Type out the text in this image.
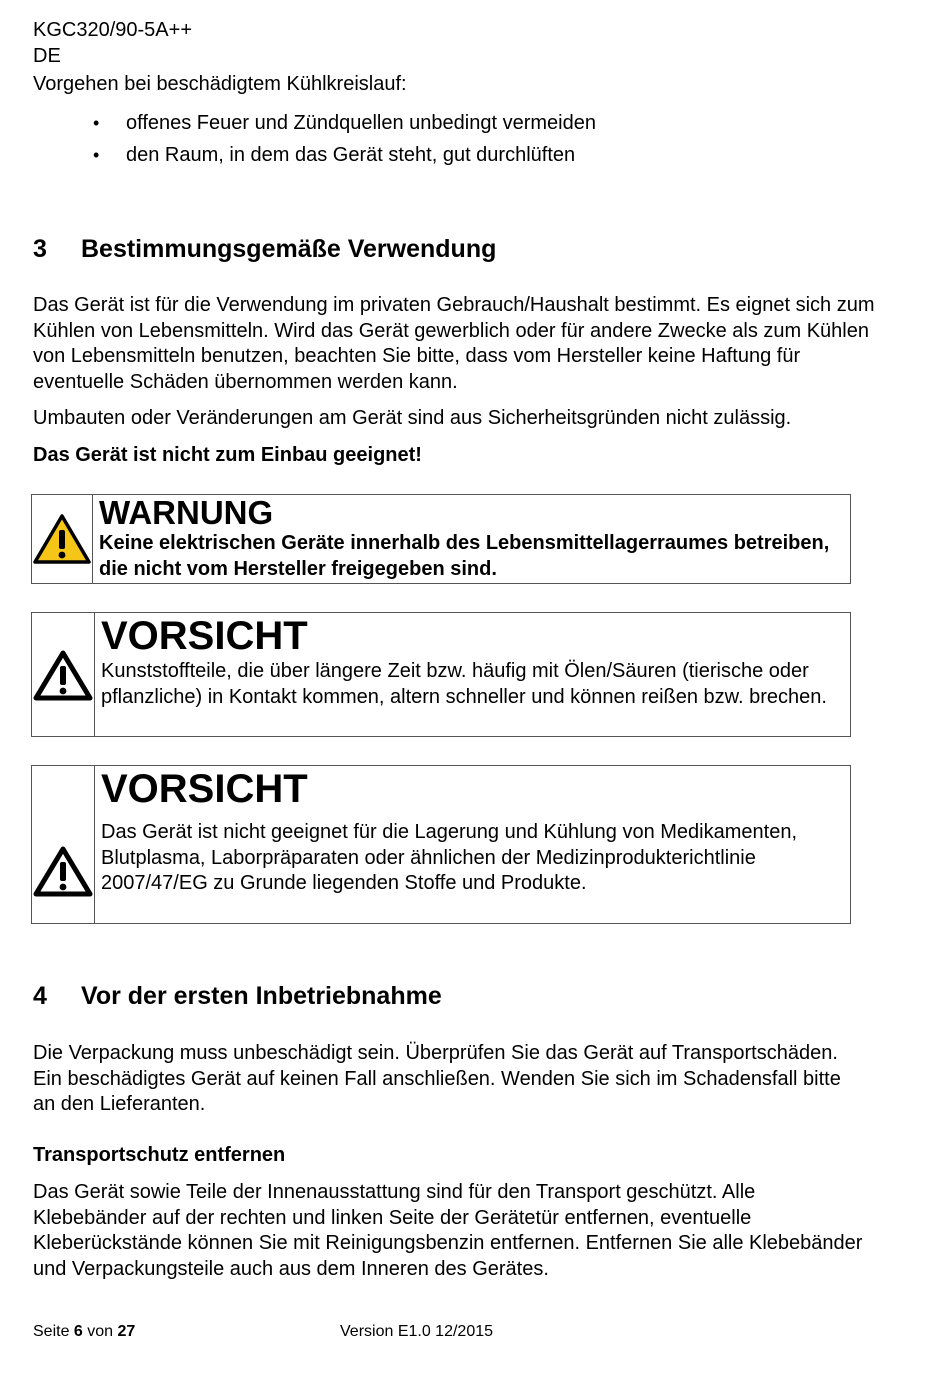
KGC320/90-5A++
DE
Vorgehen bei beschädigtem Kühlkreislauf:
• offenes Feuer und Zündquellen unbedingt vermeiden
• den Raum, in dem das Gerät steht, gut durchlüften
3 Bestimmungsgemäße Verwendung
Das Gerät ist für die Verwendung im privaten Gebrauch/Haushalt bestimmt. Es eignet sich zum Kühlen von Lebensmitteln. Wird das Gerät gewerblich oder für andere Zwecke als zum Kühlen von Lebensmitteln benutzen, beachten Sie bitte, dass vom Hersteller keine Haftung für eventuelle Schäden übernommen werden kann.
Umbauten oder Veränderungen am Gerät sind aus Sicherheitsgründen nicht zulässig.
Das Gerät ist nicht zum Einbau geeignet!
WARNUNG
Keine elektrischen Geräte innerhalb des Lebensmittellagerraumes betreiben, die nicht vom Hersteller freigegeben sind.
VORSICHT
Kunststoffteile, die über längere Zeit bzw. häufig mit Ölen/Säuren (tierische oder pflanzliche) in Kontakt kommen, altern schneller und können reißen bzw. brechen.
VORSICHT
Das Gerät ist nicht geeignet für die Lagerung und Kühlung von Medikamenten, Blutplasma, Laborpräparaten oder ähnlichen der Medizinprodukterichtlinie 2007/47/EG zu Grunde liegenden Stoffe und Produkte.
4 Vor der ersten Inbetriebnahme
Die Verpackung muss unbeschädigt sein. Überprüfen Sie das Gerät auf Transportschäden. Ein beschädigtes Gerät auf keinen Fall anschließen. Wenden Sie sich im Schadensfall bitte an den Lieferanten.
Transportschutz entfernen
Das Gerät sowie Teile der Innenausstattung sind für den Transport geschützt. Alle Klebebänder auf der rechten und linken Seite der Gerätetür entfernen, eventuelle Kleberückstände können Sie mit Reinigungsbenzin entfernen. Entfernen Sie alle Klebebänder und Verpackungsteile auch aus dem Inneren des Gerätes.
Seite 6 von 27	Version E1.0 12/2015
